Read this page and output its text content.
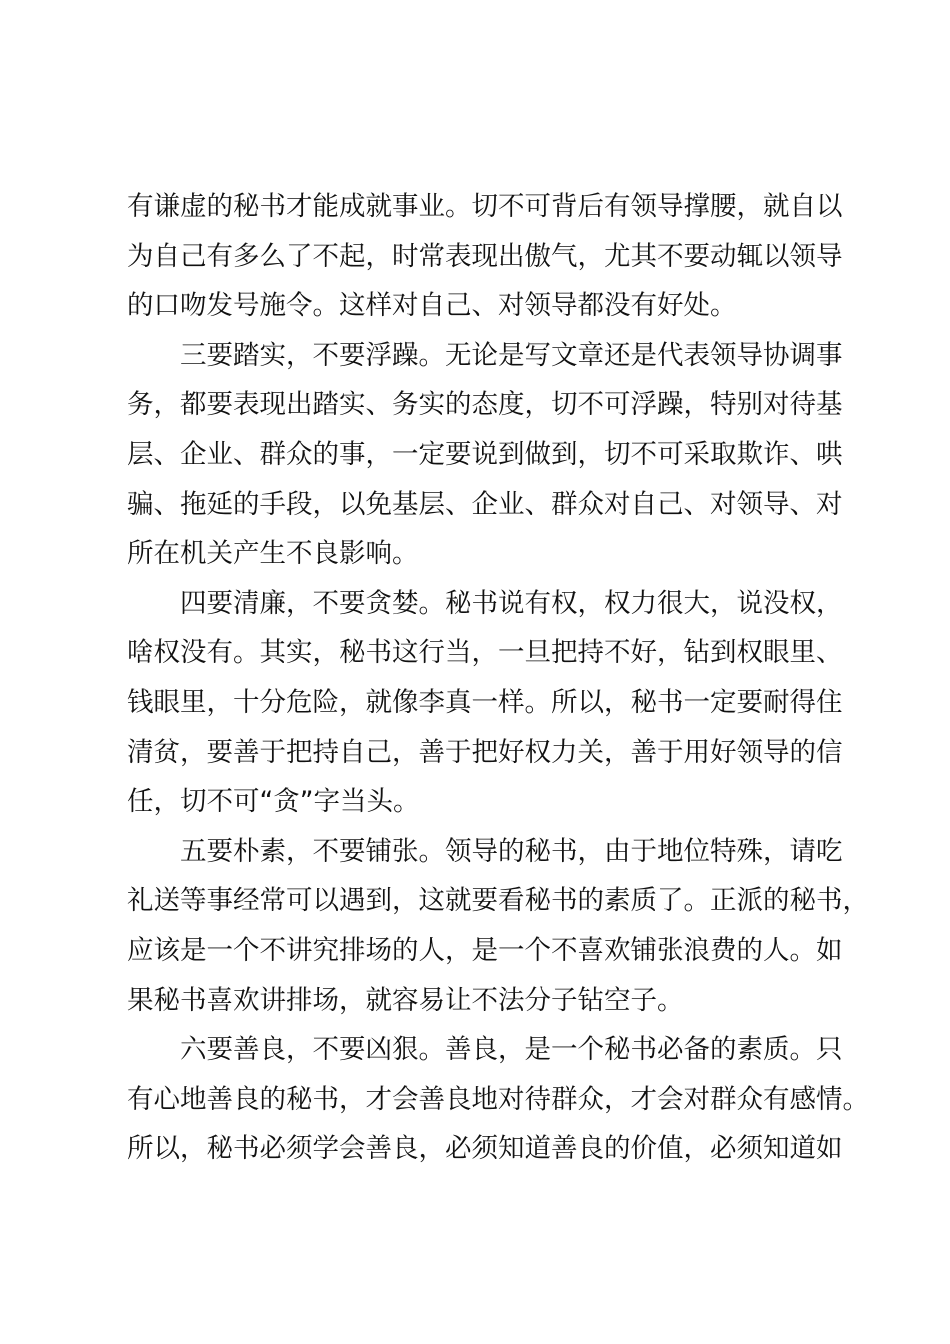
有谦虚的秘书才能成就事业。切不可背后有领导撑腰，就自以
为自己有多么了不起，时常表现出傲气，尤其不要动辄以领导
的口吻发号施令。这样对自己、对领导都没有好处。
　　三要踏实，不要浮躁。无论是写文章还是代表领导协调事
务，都要表现出踏实、务实的态度，切不可浮躁，特别对待基
层、企业、群众的事，一定要说到做到，切不可采取欺诈、哄
骗、拖延的手段，以免基层、企业、群众对自己、对领导、对
所在机关产生不良影响。
　　四要清廉，不要贪婪。秘书说有权，权力很大，说没权，
啥权没有。其实，秘书这行当，一旦把持不好，钻到权眼里、
钱眼里，十分危险，就像李真一样。所以，秘书一定要耐得住
清贫，要善于把持自己，善于把好权力关，善于用好领导的信
任，切不可“贪”字当头。
　　五要朴素，不要铺张。领导的秘书，由于地位特殊，请吃
礼送等事经常可以遇到，这就要看秘书的素质了。正派的秘书，
应该是一个不讲究排场的人，是一个不喜欢铺张浪费的人。如
果秘书喜欢讲排场，就容易让不法分子钻空子。
　　六要善良，不要凶狠。善良，是一个秘书必备的素质。只
有心地善良的秘书，才会善良地对待群众，才会对群众有感情。
所以，秘书必须学会善良，必须知道善良的价值，必须知道如
